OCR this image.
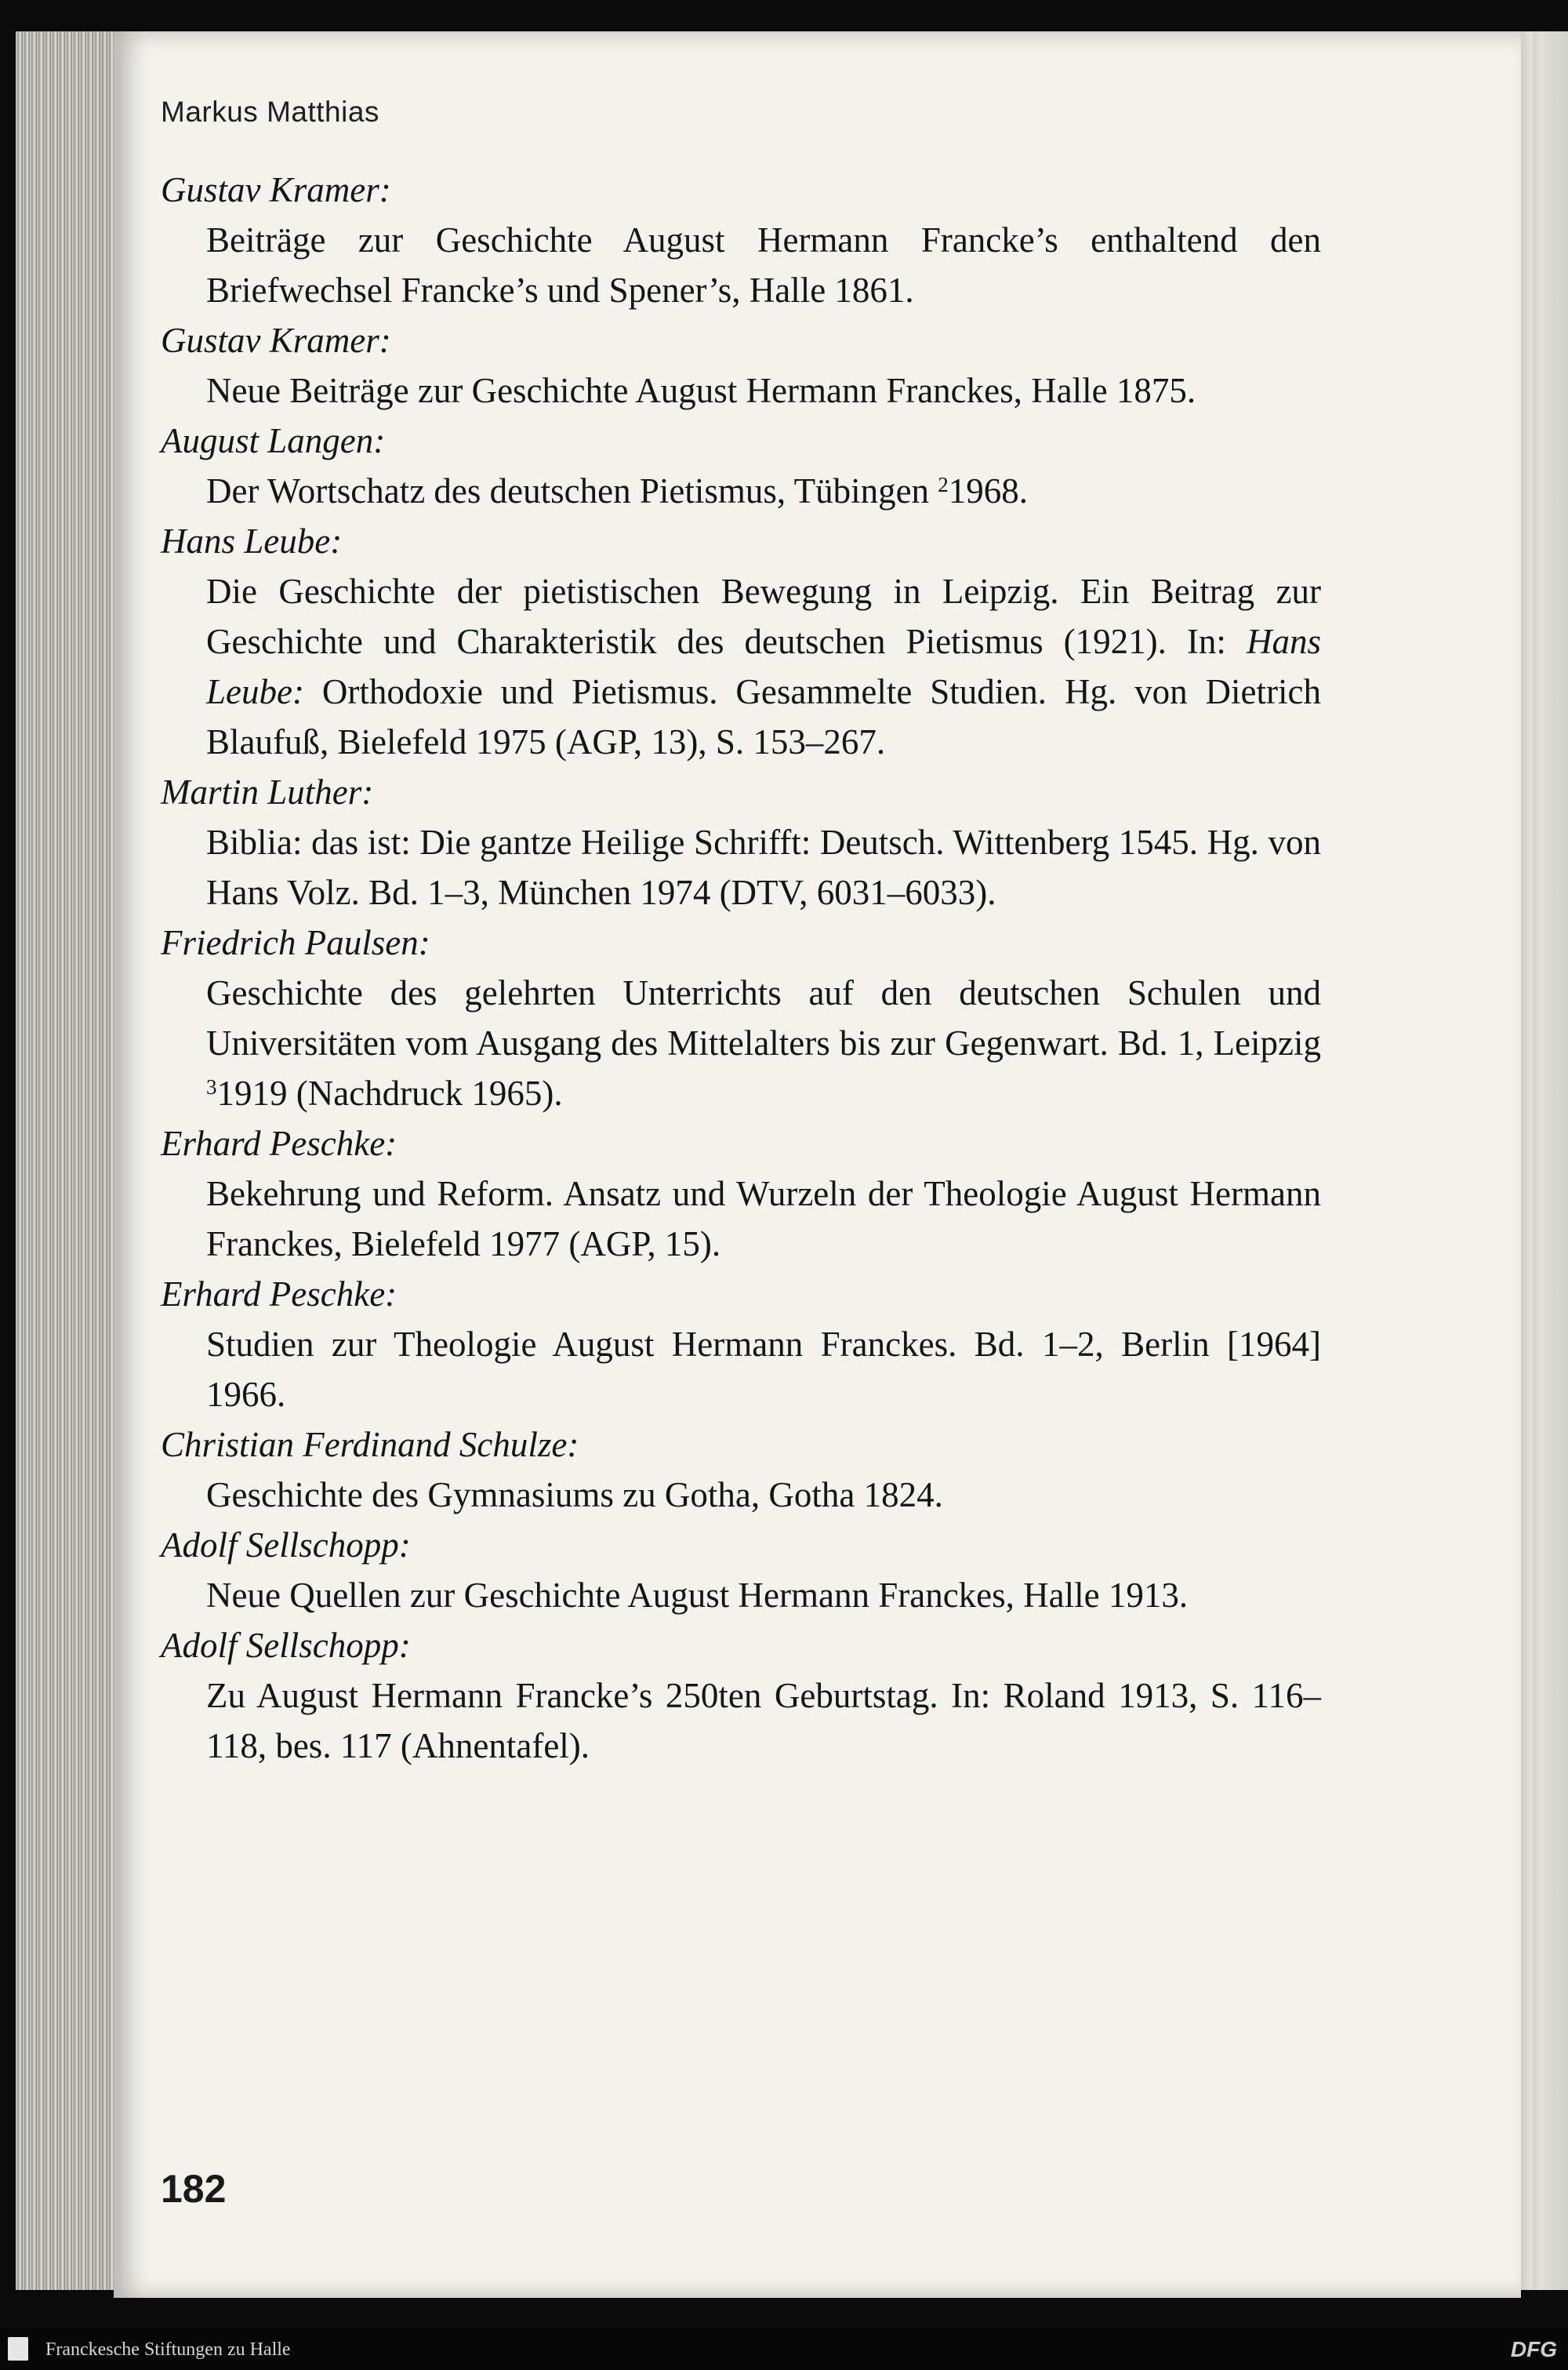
Markus Matthias

Gustav Kramer:

Beiträge zur Geschichte August Hermann Francke’s enthaltend den Briefwechsel Francke’s und Spener’s, Halle 1861.

Gustav Kramer:

Neue Beiträge zur Geschichte August Hermann Franckes, Halle 1875.

August Langen:

Der Wortschatz des deutschen Pietismus, Tübingen $^2$1968.

Hans Leube:

Die Geschichte der pietistischen Bewegung in Leipzig. Ein Beitrag zur Geschichte und Charakteristik des deutschen Pietismus (1921). In: Hans Leube: Orthodoxie und Pietismus. Gesammelte Studien. Hg. von Dietrich Blaufuß, Bielefeld 1975 (AGP, 13), S. 153–267.

Martin Luther:

Biblia: das ist: Die gantze Heilige Schrifft: Deutsch. Wittenberg 1545. Hg. von Hans Volz. Bd. 1–3, München 1974 (DTV, 6031–6033).

Friedrich Paulsen:

Geschichte des gelehrten Unterrichts auf den deutschen Schulen und Universitäten vom Ausgang des Mittelalters bis zur Gegenwart. Bd. 1, Leipzig $^3$1919 (Nachdruck 1965).

Erhard Peschke:

Bekehrung und Reform. Ansatz und Wurzeln der Theologie August Hermann Franckes, Bielefeld 1977 (AGP, 15).

Erhard Peschke:

Studien zur Theologie August Hermann Franckes. Bd. 1–2, Berlin [1964] 1966.

Christian Ferdinand Schulze:

Geschichte des Gymnasiums zu Gotha, Gotha 1824.

Adolf Sellschopp:

Neue Quellen zur Geschichte August Hermann Franckes, Halle 1913.

Adolf Sellschopp:

Zu August Hermann Francke’s 250ten Geburtstag. In: Roland 1913, S. 116–118, bes. 117 (Ahnentafel).

182
Franckesche Stiftungen zu Halle	DFG
